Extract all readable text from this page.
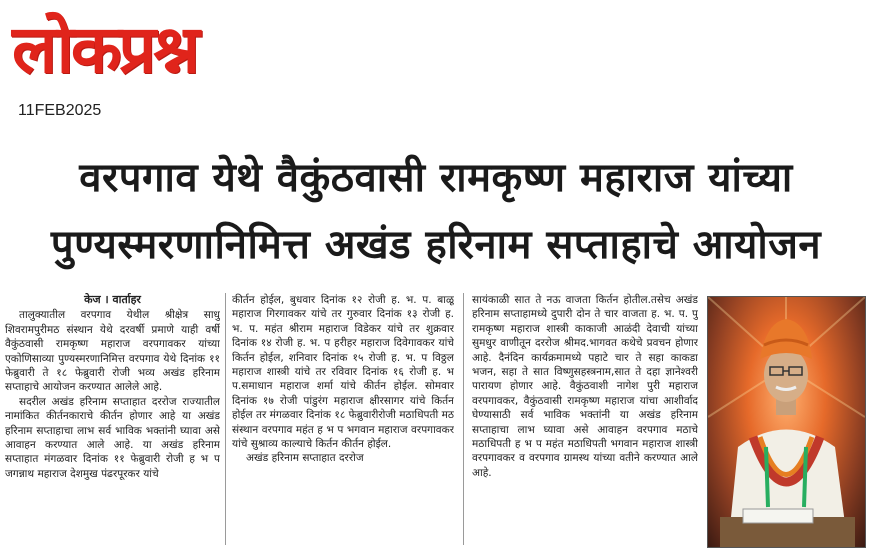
लोकप्रश्न
11FEB2025
वरपगाव येथे वैकुंठवासी रामकृष्ण महाराज यांच्या
पुण्यस्मरणानिमित्त अखंड हरिनाम सप्ताहाचे आयोजन
केज । वार्ताहर

तालुक्यातील वरपगाव येथील श्रीक्षेत्र साधु शिवरामपुरीमठ संस्थान येथे दरवर्षी प्रमाणे याही वर्षी वैकुंठवासी रामकृष्ण महाराज वरपगावकर यांच्या एकोणिसाव्या पुण्यस्मरणानिमित्त वरपगाव येथे दिनांक ११ फेब्रुवारी ते १८ फेब्रुवारी रोजी भव्य अखंड हरिनाम सप्ताहाचे आयोजन करण्यात आलेले आहे.

सदरील अखंड हरिनाम सप्ताहात दररोज राज्यातील नामांकित कीर्तनकाराचे कीर्तन होणार आहे या अखंड हरिनाम सप्ताहाचा लाभ सर्व भाविक भक्तांनी घ्यावा असे आवाहन करण्यात आले आहे. या अखंड हरिनाम सप्ताहात मंगळवार दिनांक ११ फेब्रुवारी रोजी ह भ प जगन्नाथ महाराज देशमुख पंढरपूरकर यांचे

कीर्तन होईल, बुधवार दिनांक १२ रोजी ह. भ. प. बाळू महाराज गिरगावकर यांचे तर गुरुवार दिनांक १३ रोजी ह. भ. प. महंत श्रीराम महाराज विडेकर यांचे तर शुक्रवार दिनांक १४ रोजी ह. भ. प हरीहर महाराज दिवेगावकर यांचे किर्तन होईल, शनिवार दिनांक १५ रोजी ह. भ. प विठ्ठल महाराज शास्त्री यांचे तर रविवार दिनांक १६ रोजी ह. भ प.समाधान महाराज शर्मा यांचे कीर्तन होईल. सोमवार दिनांक १७ रोजी पांडुरंग महाराज क्षीरसागर यांचे किर्तन होईल तर मंगळवार दिनांक १८ फेब्रुवारीरोजी मठाधिपती मठ संस्थान वरपगाव महंत ह भ प भगवान महाराज वरपगावकर यांचे सुश्राव्य काल्याचे किर्तन कीर्तन होईल.

अखंड हरिनाम सप्ताहात दररोज

सायंकाळी सात ते नऊ वाजता किर्तन होतील.तसेच अखंड हरिनाम सप्ताहामध्ये दुपारी दोन ते चार वाजता ह. भ. प. पु रामकृष्ण महाराज शास्त्री काकाजी आळंदी देवाची यांच्या सुमधुर वाणीतून दररोज श्रीमद.भागवत कथेचे प्रवचन होणार आहे. दैनंदिन कार्यक्रमामध्ये पहाटे चार ते सहा काकडा भजन, सहा ते सात विष्णुसहस्त्रनाम,सात ते दहा ज्ञानेश्वरी पारायण होणार आहे. वैकुंठवाशी नागेश पुरी महाराज वरपगावकर, वैकुंठवासी रामकृष्ण महाराज यांचा आशीर्वाद घेण्यासाठी सर्व भाविक भक्तांनी या अखंड हरिनाम सप्ताहाचा लाभ घ्यावा असे आवाहन वरपगाव मठाचे मठाधिपती ह भ प महंत मठाधिपती भगवान महाराज शास्त्री वरपगावकर व वरपगाव ग्रामस्थ यांच्या वतीने करण्यात आले आहे.
